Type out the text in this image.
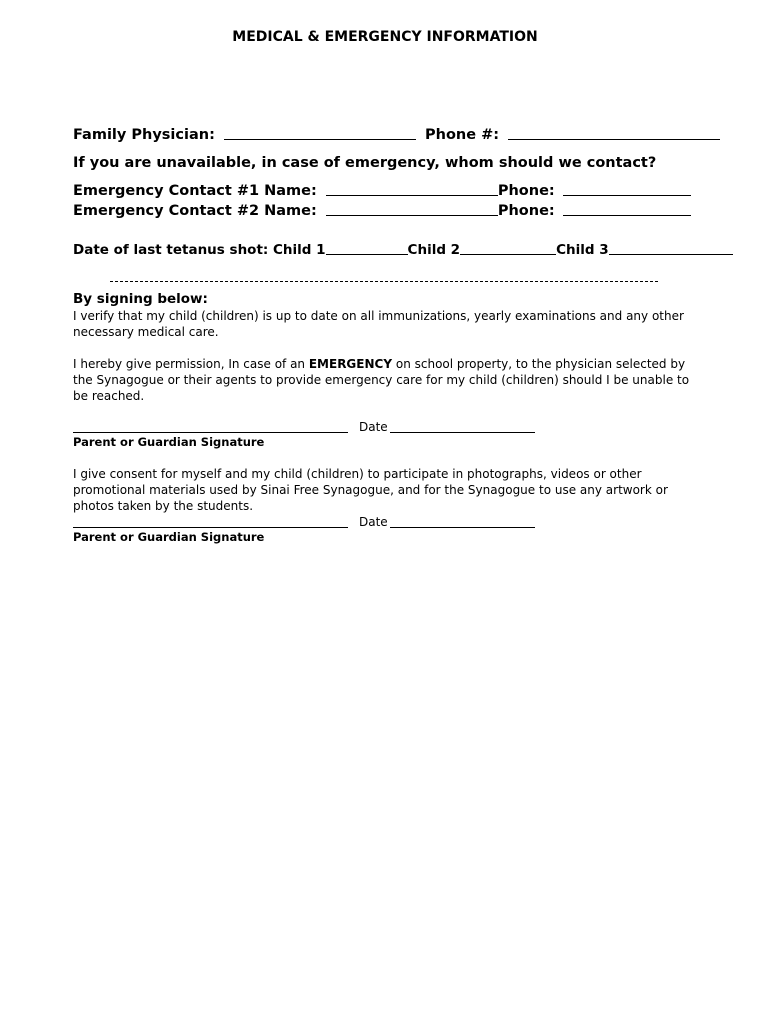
MEDICAL & EMERGENCY INFORMATION
Family Physician:	Phone #:
If you are unavailable, in case of emergency, whom should we contact?
Emergency Contact #1 Name:	Phone:
Emergency Contact #2 Name:	Phone:
Date of last tetanus shot: Child 1	Child 2	Child 3
By signing below:
I verify that my child (children) is up to date on all immunizations, yearly examinations and any other necessary medical care.
I hereby give permission, In case of an EMERGENCY on school property, to the physician selected by the Synagogue or their agents to provide emergency care for my child (children) should I be unable to be reached.
Date
Parent or Guardian Signature
I give consent for myself and my child (children) to participate in photographs, videos or other promotional materials used by Sinai Free Synagogue, and for the Synagogue to use any artwork or photos taken by the students.
Date
Parent or Guardian Signature
